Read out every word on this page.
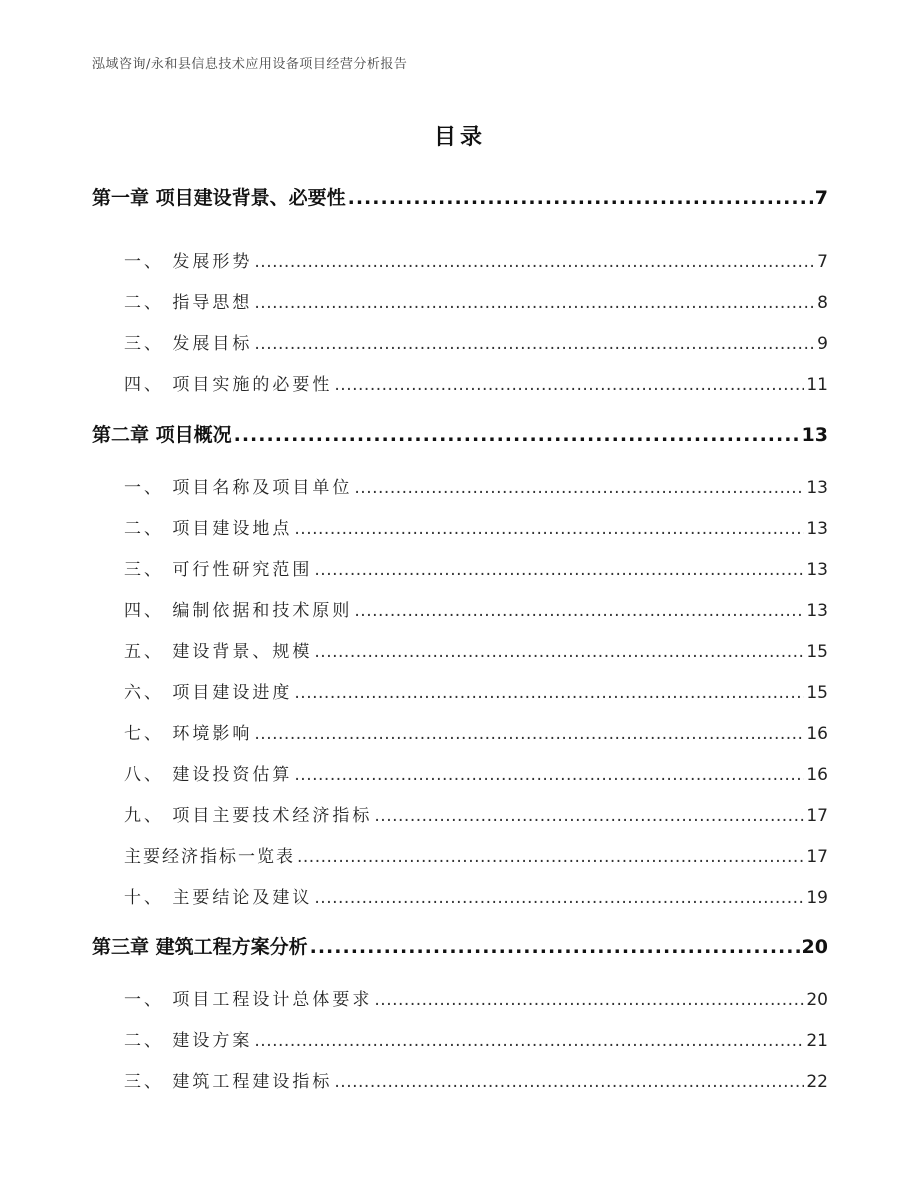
泓域咨询/永和县信息技术应用设备项目经营分析报告
目录
第一章 项目建设背景、必要性 .....	7
一、 发展形势 .....	7
二、 指导思想 .....	8
三、 发展目标 .....	9
四、 项目实施的必要性 .....	11
第二章 项目概况 .....	13
一、 项目名称及项目单位 .....	13
二、 项目建设地点 .....	13
三、 可行性研究范围 .....	13
四、 编制依据和技术原则 .....	13
五、 建设背景、规模 .....	15
六、 项目建设进度 .....	15
七、 环境影响 .....	16
八、 建设投资估算 .....	16
九、 项目主要技术经济指标 .....	17
主要经济指标一览表 .....	17
十、 主要结论及建议 .....	19
第三章 建筑工程方案分析 .....	20
一、 项目工程设计总体要求 .....	20
二、 建设方案 .....	21
三、 建筑工程建设指标 .....	22
